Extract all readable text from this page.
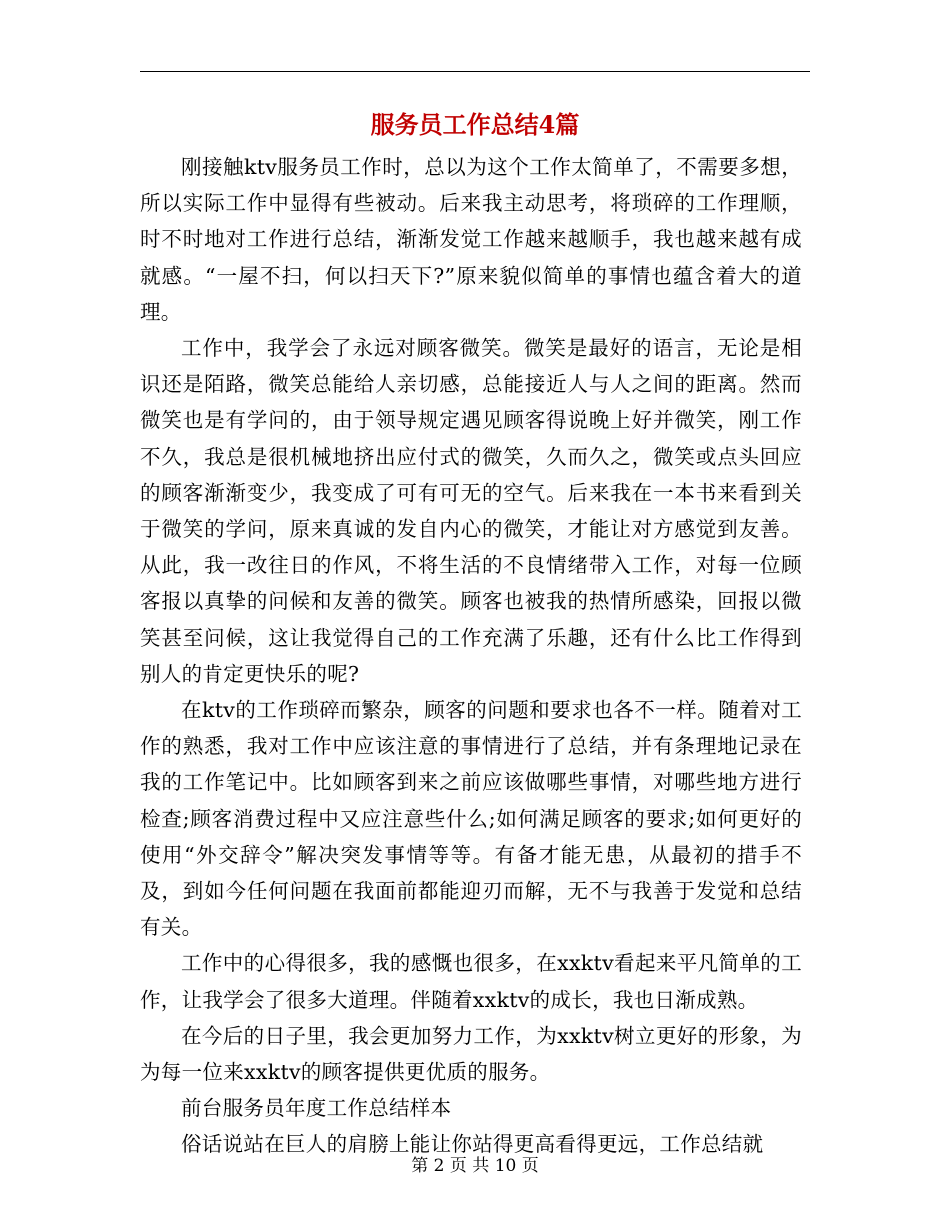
服务员工作总结4篇

刚接触ktv服务员工作时，总以为这个工作太简单了，不需要多想，所以实际工作中显得有些被动。后来我主动思考，将琐碎的工作理顺，时不时地对工作进行总结，渐渐发觉工作越来越顺手，我也越来越有成就感。“一屋不扫，何以扫天下?”原来貌似简单的事情也蕴含着大的道理。

工作中，我学会了永远对顾客微笑。微笑是最好的语言，无论是相识还是陌路，微笑总能给人亲切感，总能接近人与人之间的距离。然而微笑也是有学问的，由于领导规定遇见顾客得说晚上好并微笑，刚工作不久，我总是很机械地挤出应付式的微笑，久而久之，微笑或点头回应的顾客渐渐变少，我变成了可有可无的空气。后来我在一本书来看到关于微笑的学问，原来真诚的发自内心的微笑，才能让对方感觉到友善。从此，我一改往日的作风，不将生活的不良情绪带入工作，对每一位顾客报以真挚的问候和友善的微笑。顾客也被我的热情所感染，回报以微笑甚至问候，这让我觉得自己的工作充满了乐趣，还有什么比工作得到别人的肯定更快乐的呢?

在ktv的工作琐碎而繁杂，顾客的问题和要求也各不一样。随着对工作的熟悉，我对工作中应该注意的事情进行了总结，并有条理地记录在我的工作笔记中。比如顾客到来之前应该做哪些事情，对哪些地方进行检查;顾客消费过程中又应注意些什么;如何满足顾客的要求;如何更好的使用“外交辞令”解决突发事情等等。有备才能无患，从最初的措手不及，到如今任何问题在我面前都能迎刃而解，无不与我善于发觉和总结有关。

工作中的心得很多，我的感慨也很多，在xxktv看起来平凡简单的工作，让我学会了很多大道理。伴随着xxktv的成长，我也日渐成熟。

在今后的日子里，我会更加努力工作，为xxktv树立更好的形象，为为每一位来xxktv的顾客提供更优质的服务。

前台服务员年度工作总结样本

俗话说站在巨人的肩膀上能让你站得更高看得更远，工作总结就

第 2 页 共 10 页
